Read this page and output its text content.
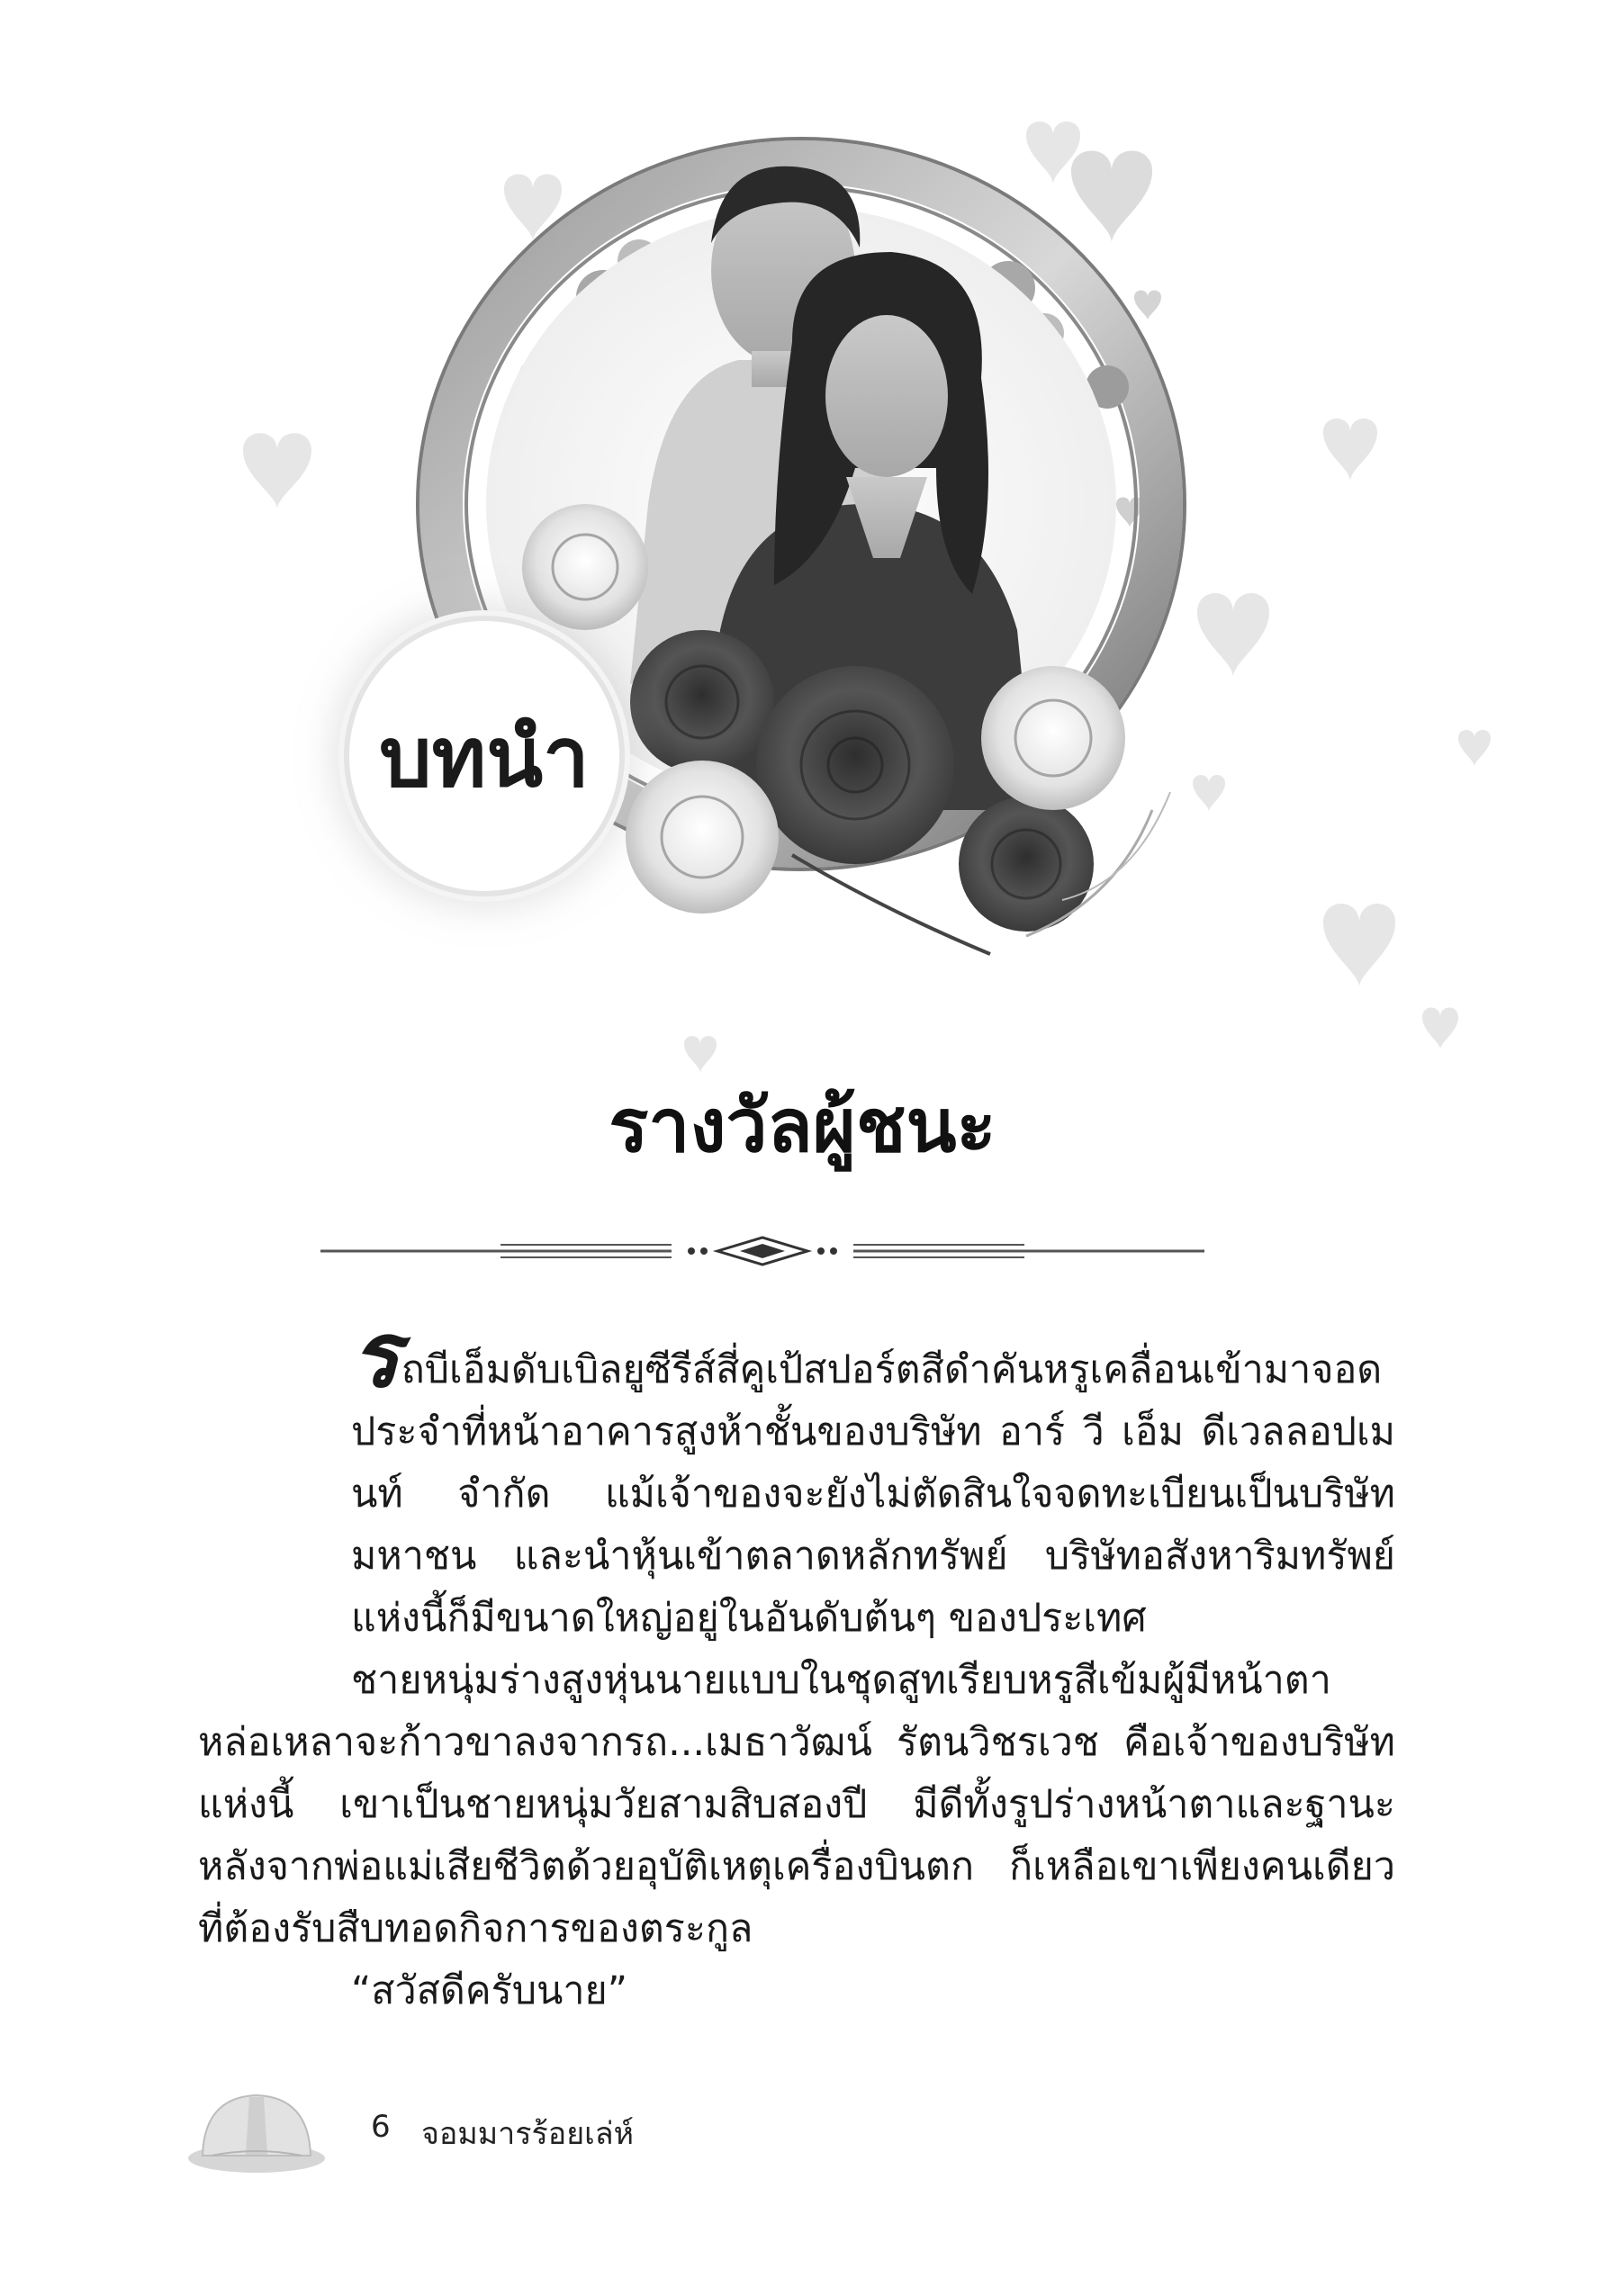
บทนำ
รางวัลผู้ชนะ

รถบีเอ็มดับเบิลยูซีรีส์สี่คูเป้สปอร์ตสีดำคันหรูเคลื่อนเข้ามาจอดประจำที่หน้าอาคารสูงห้าชั้นของบริษัท อาร์ วี เอ็ม ดีเวลลอปเมนท์ จำกัด แม้เจ้าของจะยังไม่ตัดสินใจจดทะเบียนเป็นบริษัทมหาชน และนำหุ้นเข้าตลาดหลักทรัพย์ บริษัทอสังหาริมทรัพย์แห่งนี้ก็มีขนาดใหญ่อยู่ในอันดับต้นๆ ของประเทศ

ชายหนุ่มร่างสูงหุ่นนายแบบในชุดสูทเรียบหรูสีเข้มผู้มีหน้าตาหล่อเหลาจะก้าวขาลงจากรถ...เมธาวัฒน์ รัตนวิชรเวช คือเจ้าของบริษัทแห่งนี้ เขาเป็นชายหนุ่มวัยสามสิบสองปี มีดีทั้งรูปร่างหน้าตาและฐานะ หลังจากพ่อแม่เสียชีวิตด้วยอุบัติเหตุเครื่องบินตก ก็เหลือเขาเพียงคนเดียวที่ต้องรับสืบทอดกิจการของตระกูล

“สวัสดีครับนาย”

6 จอมมารร้อยเล่ห์
